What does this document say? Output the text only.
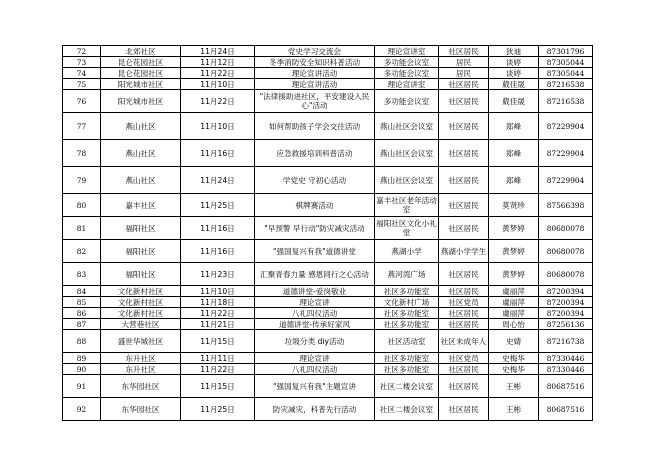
72	北郊社区	11月24日	党史学习交流会	理论宣讲室	社区居民	狄迪	87301796
73	昆仑花园社区	11月12日	冬季消防安全知识科普活动	多功能会议室	居民	谈婷	87305044
74	昆仑花园社区	11月22日	理论宣讲活动	多功能会议室	居民	谈婷	87305044
75	阳光城市社区	11月10日	理论宣讲活动	理论宣讲室	社区居民	葳佳晟	87216538
76	阳光城市社区	11月22日	"法律援助进社区，平安建设入民心"活动	多功能会议室	社区居民	葳佳晟	87216538
77	燕山社区	11月10日	如何帮助孩子学会交往活动	燕山社区会议室	社区居民	郑峰	87229904
78	燕山社区	11月16日	应急救援培训科普活动	燕山社区会议室	社区居民	郑峰	87229904
79	燕山社区	11月24日	学党史 守初心活动	燕山社区会议室	社区居民	郑峰	87229904
80	嘉丰社区	11月25日	棋牌赛活动	嘉丰社区老年活动室	社区居民	莫贤珍	87566398
81	福阳社区	11月16日	"早预警 早行动"防灾减灾活动	福阳社区文化小礼堂	社区居民	黄梦婷	80680078
82	福阳社区	11月16日	"强国复兴有我"道德讲堂	燕湖小学	燕湖小学学生	黄梦婷	80680078
83	福阳社区	11月23日	汇聚青春力量 感恩同行之心活动	燕河湾广场	社区居民	黄梦婷	80680078
84	文化新村社区	11月10日	道德讲堂-爱岗敬业	社区多功能室	社区居民	虞丽萍	87200394
85	文化新村社区	11月18日	理论宣讲	文化新村广场	社区党员	虞丽萍	87200394
86	文化新村社区	11月22日	八礼四仪活动	社区多功能室	社区居民	虞丽萍	87200394
87	大营巷社区	11月21日	道德讲堂-传承好家风	社区多功能室	社区居民	周心怡	87256136
88	盛世华城社区	11月15日	垃圾分类 diy活动	社区活动室	社区未成年人	史婧	87216738
89	东升社区	11月11日	理论宣讲	社区多功能室	社区党员	史梅华	87330446
90	东升社区	11月22日	八礼四仪活动	社区多功能室	社区居民	史梅华	87330446
91	东华园社区	11月15日	"强国复兴有我"主题宣讲	社区二楼会议室	社区居民	王彬	80687516
92	东华园社区	11月25日	防灾减灾，科普先行活动	社区二楼会议室	社区居民	王彬	80687516
